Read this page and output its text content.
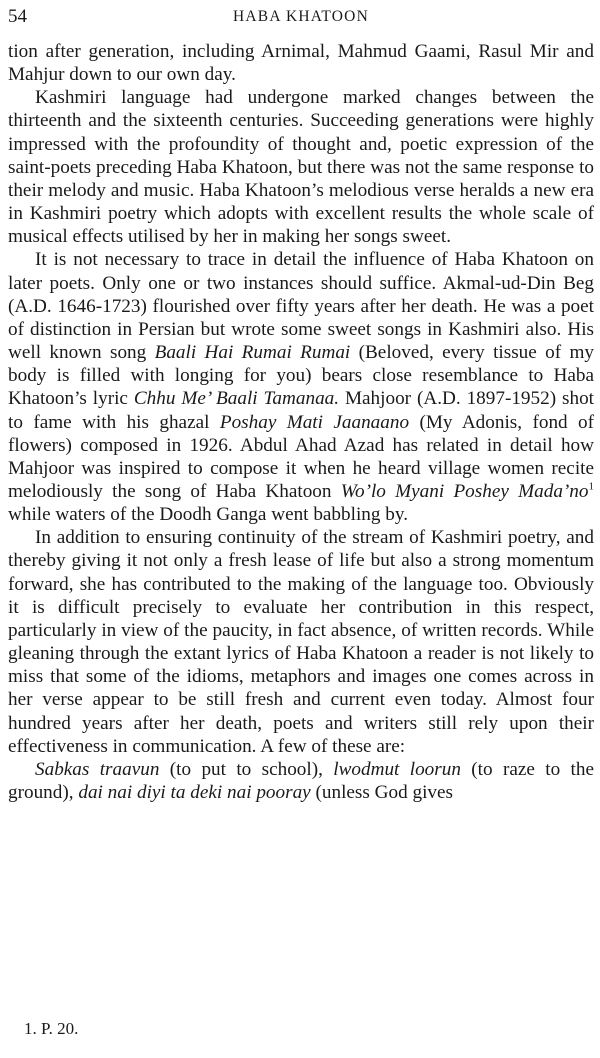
54	HABA KHATOON

tion after generation, including Arnimal, Mahmud Gaami, Rasul Mir and Mahjur down to our own day.

Kashmiri language had undergone marked changes between the thirteenth and the sixteenth centuries. Succeeding generations were highly impressed with the profoundity of thought and, poetic expression of the saint-poets preceding Haba Khatoon, but there was not the same response to their melody and music. Haba Khatoon’s melodious verse heralds a new era in Kashmiri poetry which adopts with excellent results the whole scale of musical effects utilised by her in making her songs sweet.

It is not necessary to trace in detail the influence of Haba Khatoon on later poets. Only one or two instances should suffice. Akmal-ud-Din Beg (A.D. 1646-1723) flourished over fifty years after her death. He was a poet of distinction in Persian but wrote some sweet songs in Kashmiri also. His well known song Baali Hai Rumai Rumai (Beloved, every tissue of my body is filled with longing for you) bears close resemblance to Haba Khatoon’s lyric Chhu Me’ Baali Tamanaa. Mahjoor (A.D. 1897-1952) shot to fame with his ghazal Poshay Mati Jaanaano (My Adonis, fond of flowers) composed in 1926. Abdul Ahad Azad has related in detail how Mahjoor was inspired to compose it when he heard village women recite melodiously the song of Haba Khatoon Wo’lo Myani Poshey $Mada’no^1$ while waters of the Doodh Ganga went babbling by.

In addition to ensuring continuity of the stream of Kashmiri poetry, and thereby giving it not only a fresh lease of life but also a strong momentum forward, she has contributed to the making of the language too. Obviously it is difficult precisely to evaluate her contribution in this respect, particularly in view of the paucity, in fact absence, of written records. While gleaning through the extant lyrics of Haba Khatoon a reader is not likely to miss that some of the idioms, metaphors and images one comes across in her verse appear to be still fresh and current even today. Almost four hundred years after her death, poets and writers still rely upon their effectiveness in communication. A few of these are:

Sabkas traavun (to put to school), lwodmut loorun (to raze to the ground), dai nai diyi ta deki nai pooray (unless God gives

1. P. 20.
